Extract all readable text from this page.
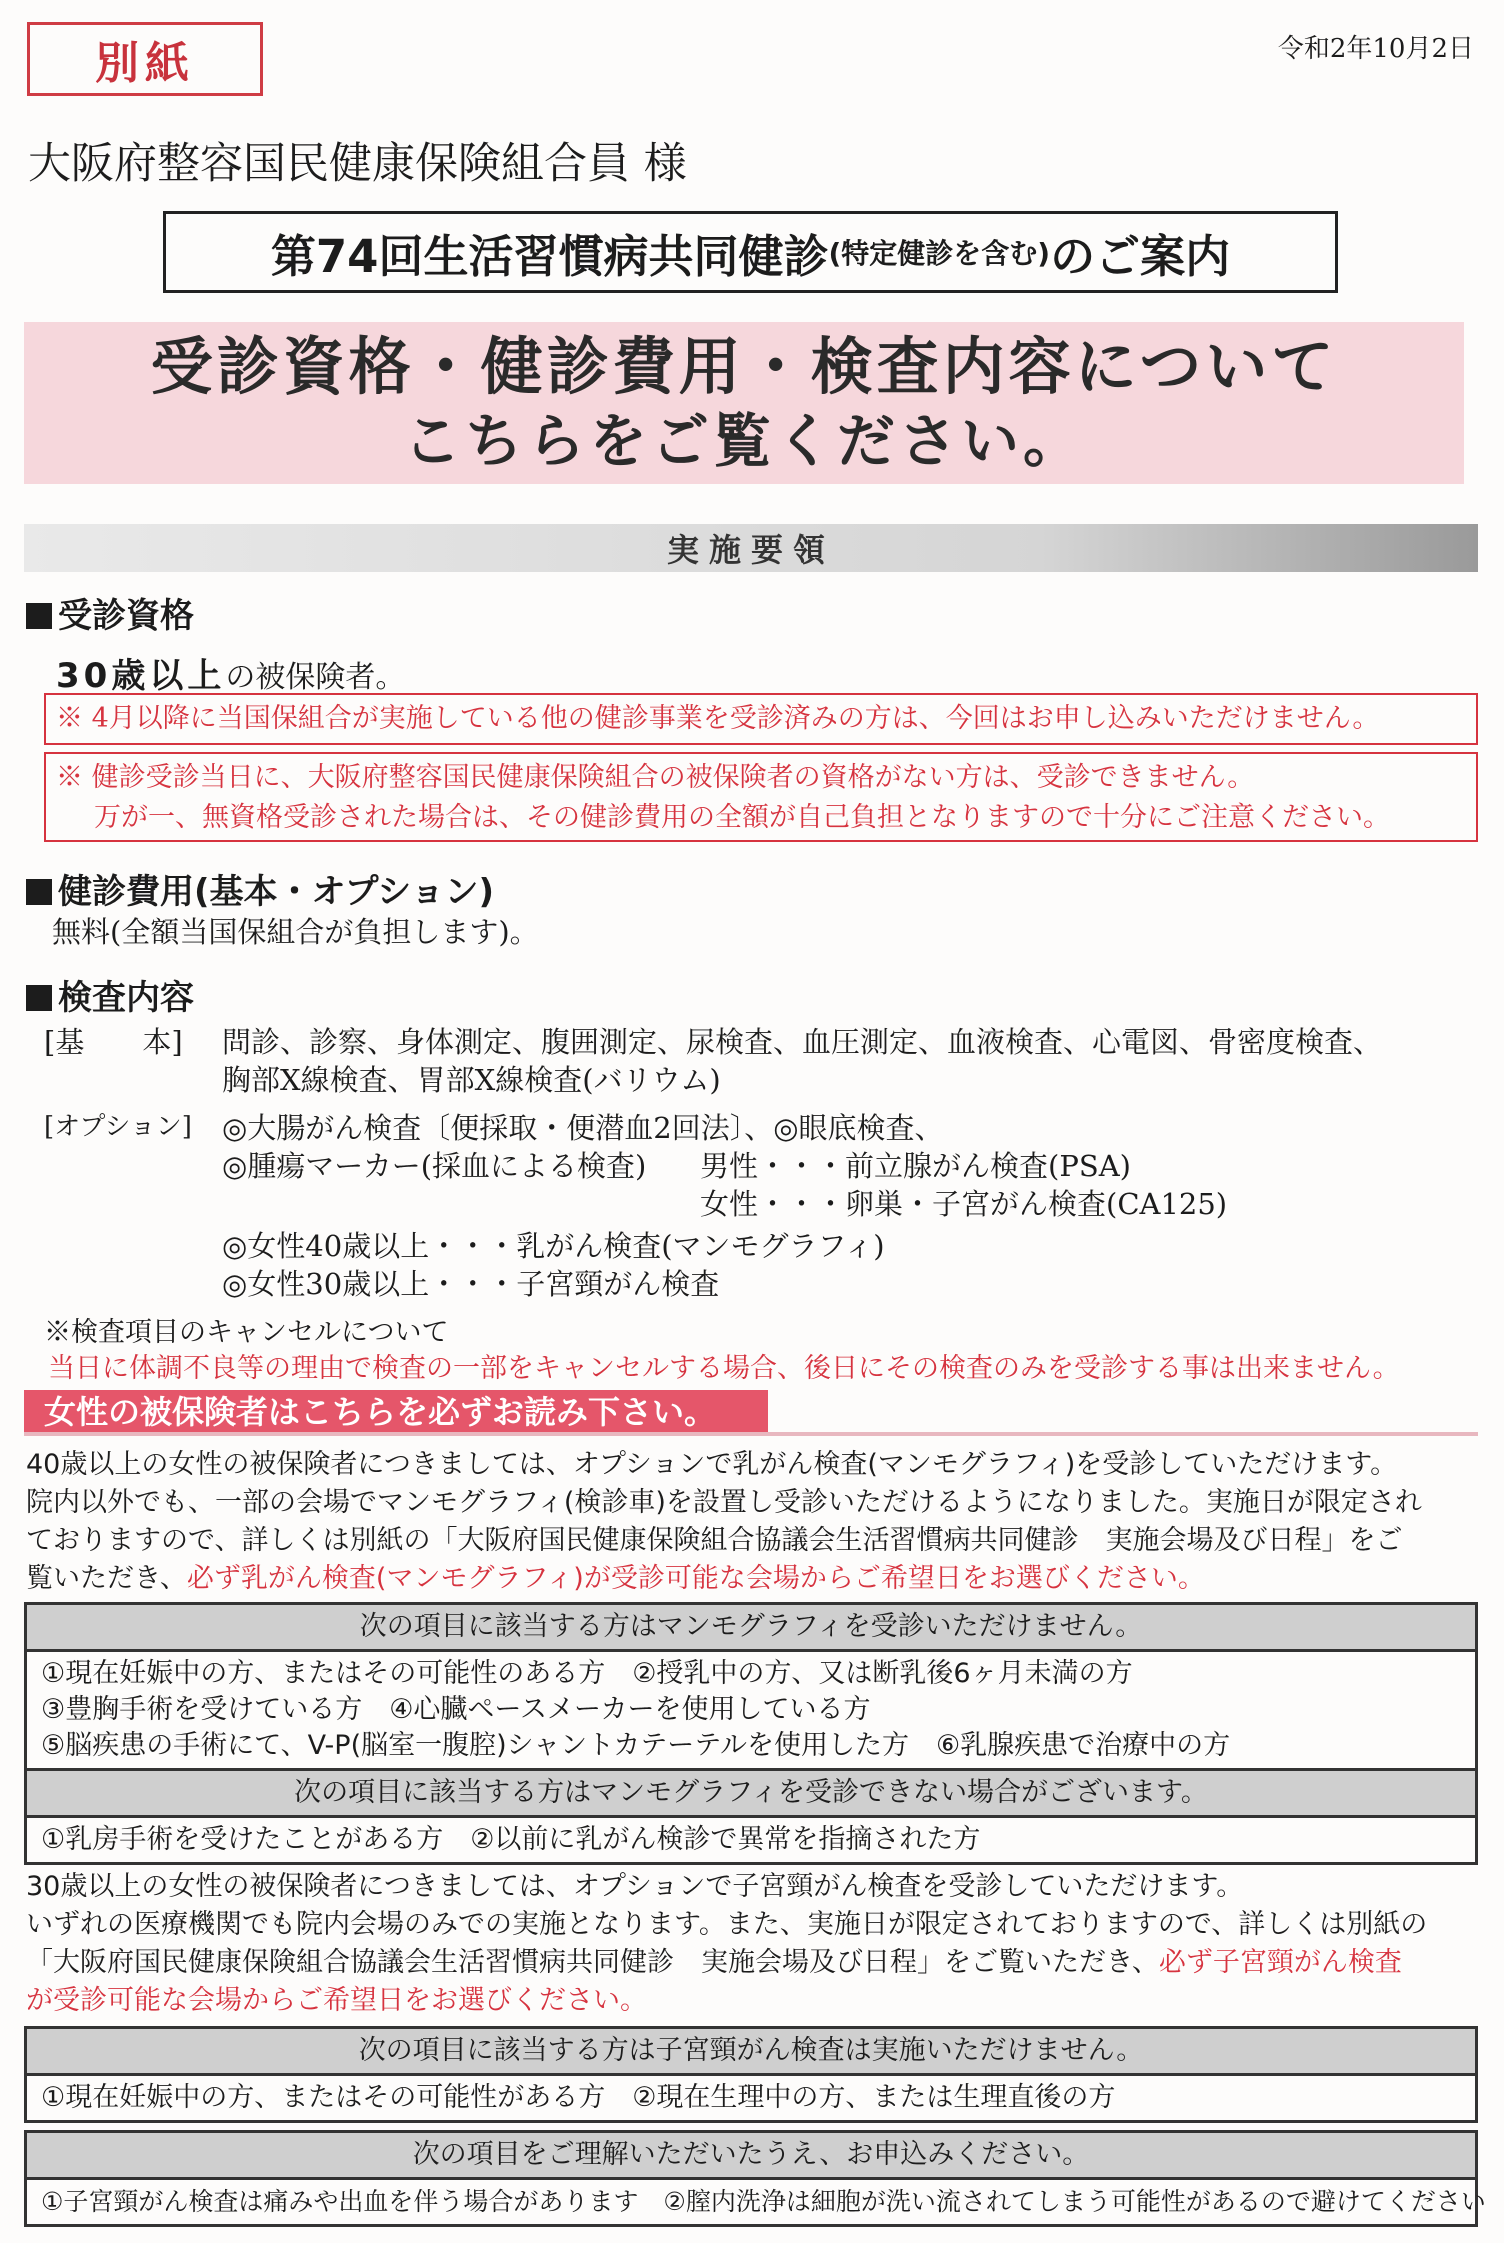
別紙	令和2年10月2日
大阪府整容国民健康保険組合員 様
第74回生活習慣病共同健診 (特定健診を含む) のご案内
受診資格・健診費用・検査内容について
こちらをご覧ください。
実施要領
受診資格
30歳以上の被保険者。
※ 4月以降に当国保組合が実施している他の健診事業を受診済みの方は、今回はお申し込みいただけません。
※ 健診受診当日に、大阪府整容国民健康保険組合の被保険者の資格がない方は、受診できません。
万が一、無資格受診された場合は、その健診費用の全額が自己負担となりますので十分にご注意ください。
健診費用(基本・オプション)
無料(全額当国保組合が負担します)。
検査内容
[基　　本] 問診、診察、身体測定、腹囲測定、尿検査、血圧測定、血液検査、心電図、骨密度検査、
胸部X線検査、胃部X線検査(バリウム)
[オプション] ◎大腸がん検査〔便採取・便潜血2回法〕、◎眼底検査、
◎腫瘍マーカー(採血による検査) 男性・・・前立腺がん検査(PSA)
女性・・・卵巣・子宮がん検査(CA125)
◎女性40歳以上・・・乳がん検査(マンモグラフィ)
◎女性30歳以上・・・子宮頸がん検査
※検査項目のキャンセルについて
当日に体調不良等の理由で検査の一部をキャンセルする場合、後日にその検査のみを受診する事は出来ません。
女性の被保険者はこちらを必ずお読み下さい。
40歳以上の女性の被保険者につきましては、オプションで乳がん検査(マンモグラフィ)を受診していただけます。
院内以外でも、一部の会場でマンモグラフィ(検診車)を設置し受診いただけるようになりました。実施日が限定され
ておりますので、詳しくは別紙の「大阪府国民健康保険組合協議会生活習慣病共同健診　実施会場及び日程」をご
覧いただき、必ず乳がん検査(マンモグラフィ)が受診可能な会場からご希望日をお選びください。
次の項目に該当する方はマンモグラフィを受診いただけません。
①現在妊娠中の方、またはその可能性のある方　②授乳中の方、又は断乳後6ヶ月未満の方
③豊胸手術を受けている方　④心臓ペースメーカーを使用している方
⑤脳疾患の手術にて、V-P(脳室一腹腔)シャントカテーテルを使用した方　⑥乳腺疾患で治療中の方
次の項目に該当する方はマンモグラフィを受診できない場合がございます。
①乳房手術を受けたことがある方　②以前に乳がん検診で異常を指摘された方
30歳以上の女性の被保険者につきましては、オプションで子宮頸がん検査を受診していただけます。
いずれの医療機関でも院内会場のみでの実施となります。また、実施日が限定されておりますので、詳しくは別紙の
「大阪府国民健康保険組合協議会生活習慣病共同健診　実施会場及び日程」をご覧いただき、必ず子宮頸がん検査
が受診可能な会場からご希望日をお選びください。
次の項目に該当する方は子宮頸がん検査は実施いただけません。
①現在妊娠中の方、またはその可能性がある方　②現在生理中の方、または生理直後の方
次の項目をご理解いただいたうえ、お申込みください。
①子宮頸がん検査は痛みや出血を伴う場合があります　②膣内洗浄は細胞が洗い流されてしまう可能性があるので避けてください
